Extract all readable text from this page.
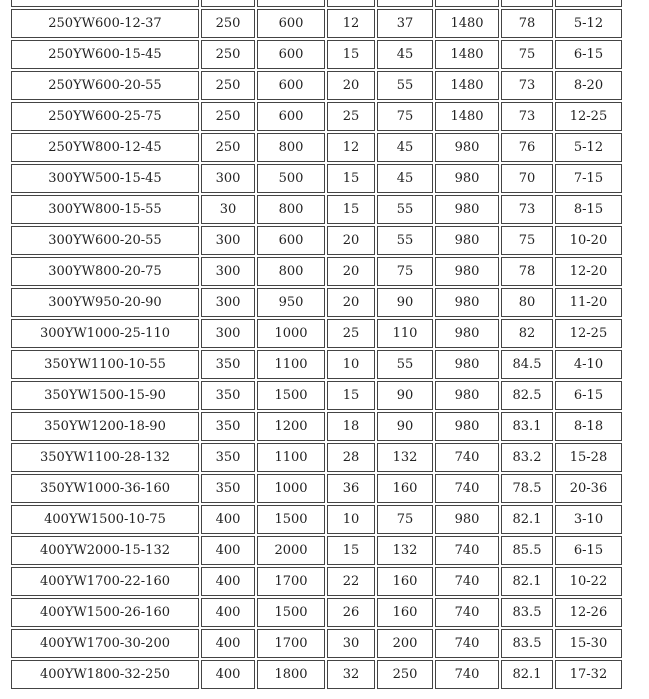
250YW600-12-37	250	600	12	37	1480	78	5-12
250YW600-15-45	250	600	15	45	1480	75	6-15
250YW600-20-55	250	600	20	55	1480	73	8-20
250YW600-25-75	250	600	25	75	1480	73	12-25
250YW800-12-45	250	800	12	45	980	76	5-12
300YW500-15-45	300	500	15	45	980	70	7-15
300YW800-15-55	30	800	15	55	980	73	8-15
300YW600-20-55	300	600	20	55	980	75	10-20
300YW800-20-75	300	800	20	75	980	78	12-20
300YW950-20-90	300	950	20	90	980	80	11-20
300YW1000-25-110	300	1000	25	110	980	82	12-25
350YW1100-10-55	350	1100	10	55	980	84.5	4-10
350YW1500-15-90	350	1500	15	90	980	82.5	6-15
350YW1200-18-90	350	1200	18	90	980	83.1	8-18
350YW1100-28-132	350	1100	28	132	740	83.2	15-28
350YW1000-36-160	350	1000	36	160	740	78.5	20-36
400YW1500-10-75	400	1500	10	75	980	82.1	3-10
400YW2000-15-132	400	2000	15	132	740	85.5	6-15
400YW1700-22-160	400	1700	22	160	740	82.1	10-22
400YW1500-26-160	400	1500	26	160	740	83.5	12-26
400YW1700-30-200	400	1700	30	200	740	83.5	15-30
400YW1800-32-250	400	1800	32	250	740	82.1	17-32
